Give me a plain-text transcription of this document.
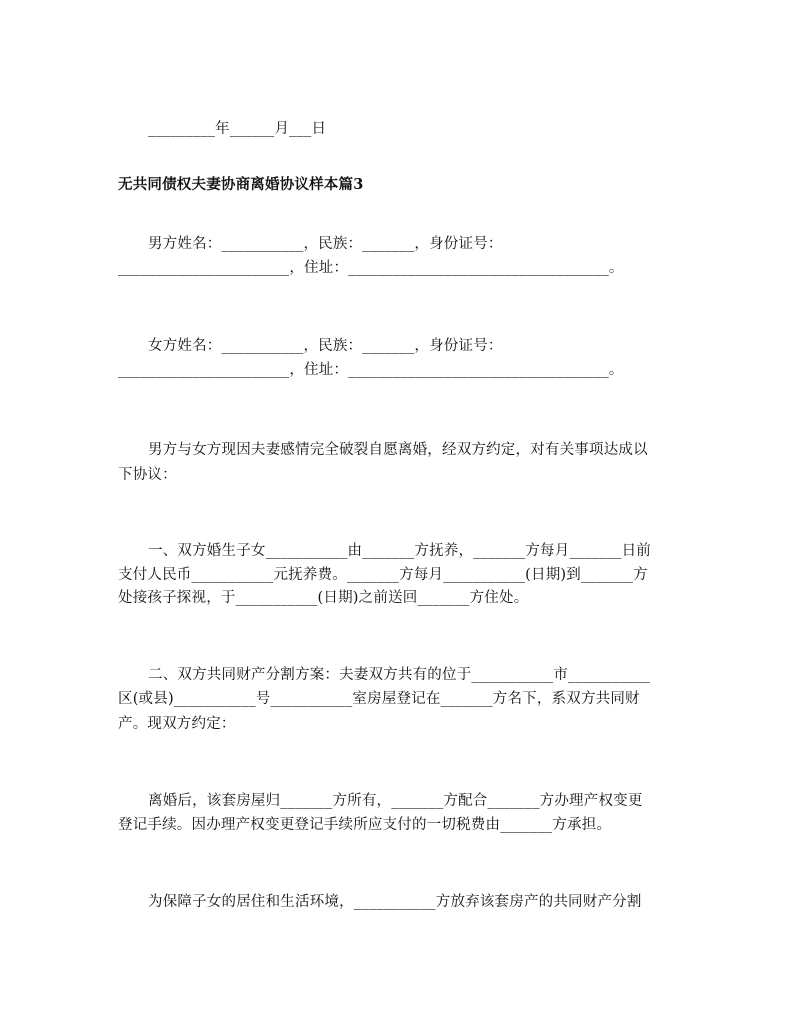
_________年______月___日
无共同债权夫妻协商离婚协议样本篇3
男方姓名：___________，民族：_______，身份证号：
_______________________，住址：___________________________________。
女方姓名：___________，民族：_______，身份证号：
_______________________，住址：___________________________________。
男方与女方现因夫妻感情完全破裂自愿离婚，经双方约定，对有关事项达成以
下协议：
一、双方婚生子女___________由_______方抚养，_______方每月_______日前
支付人民币___________元抚养费。_______方每月___________(日期)到_______方
处接孩子探视，于___________(日期)之前送回_______方住处。
二、双方共同财产分割方案：夫妻双方共有的位于___________市___________
区(或县)___________号___________室房屋登记在_______方名下，系双方共同财
产。现双方约定：
离婚后，该套房屋归_______方所有，_______方配合_______方办理产权变更
登记手续。因办理产权变更登记手续所应支付的一切税费由_______方承担。
为保障子女的居住和生活环境，___________方放弃该套房产的共同财产分割
